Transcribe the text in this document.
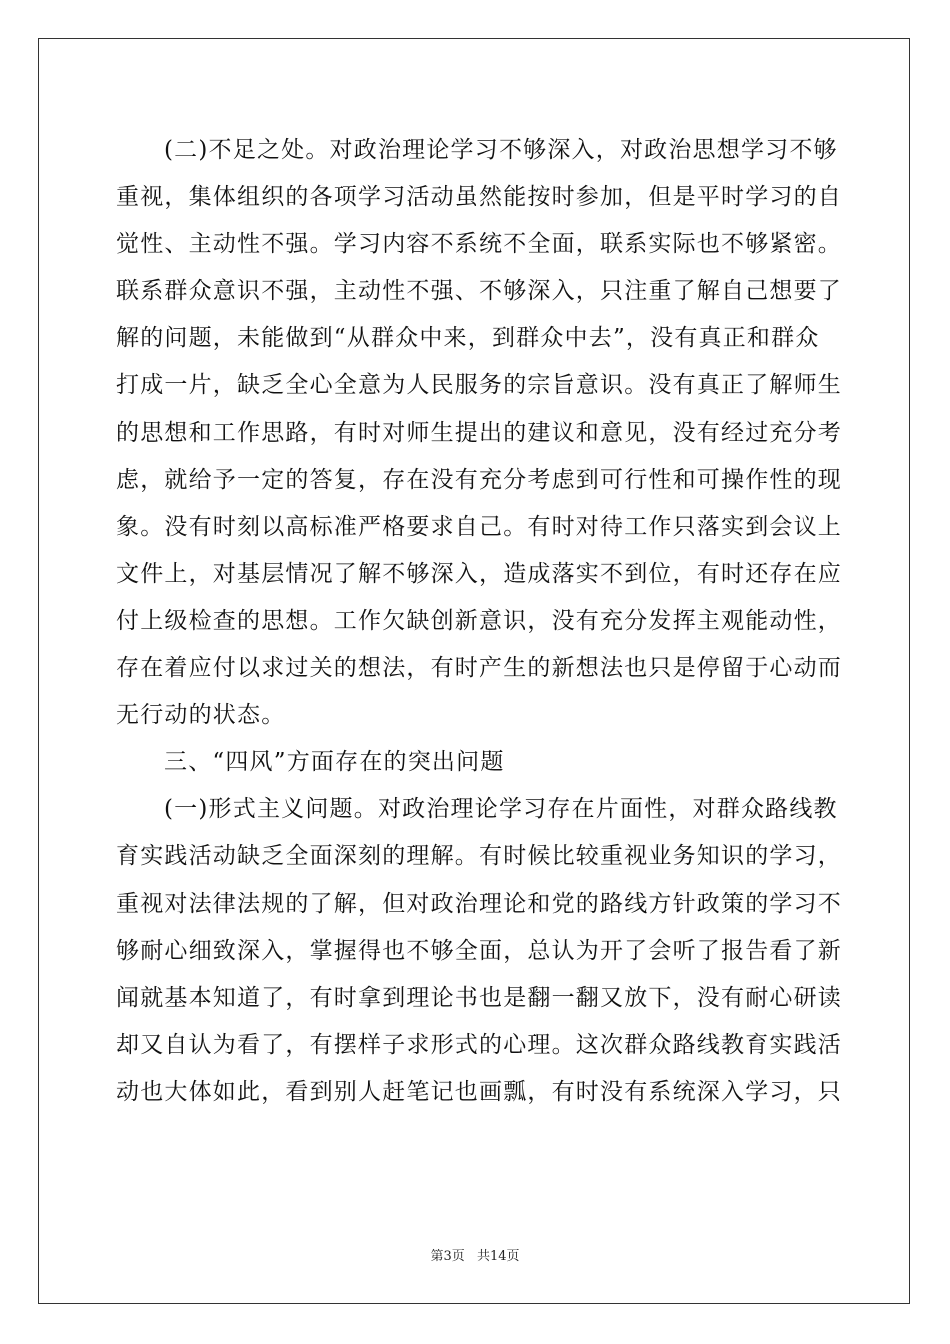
(二)不足之处。对政治理论学习不够深入，对政治思想学习不够
重视，集体组织的各项学习活动虽然能按时参加，但是平时学习的自
觉性、主动性不强。学习内容不系统不全面，联系实际也不够紧密。
联系群众意识不强，主动性不强、不够深入，只注重了解自己想要了
解的问题，未能做到“从群众中来，到群众中去”，没有真正和群众
打成一片，缺乏全心全意为人民服务的宗旨意识。没有真正了解师生
的思想和工作思路，有时对师生提出的建议和意见，没有经过充分考
虑，就给予一定的答复，存在没有充分考虑到可行性和可操作性的现
象。没有时刻以高标准严格要求自己。有时对待工作只落实到会议上
文件上，对基层情况了解不够深入，造成落实不到位，有时还存在应
付上级检查的思想。工作欠缺创新意识，没有充分发挥主观能动性，
存在着应付以求过关的想法，有时产生的新想法也只是停留于心动而
无行动的状态。
三、“四风”方面存在的突出问题
(一)形式主义问题。对政治理论学习存在片面性，对群众路线教
育实践活动缺乏全面深刻的理解。有时候比较重视业务知识的学习，
重视对法律法规的了解，但对政治理论和党的路线方针政策的学习不
够耐心细致深入，掌握得也不够全面，总认为开了会听了报告看了新
闻就基本知道了，有时拿到理论书也是翻一翻又放下，没有耐心研读
却又自认为看了，有摆样子求形式的心理。这次群众路线教育实践活
动也大体如此，看到别人赶笔记也画瓢，有时没有系统深入学习，只
第3页 共14页
